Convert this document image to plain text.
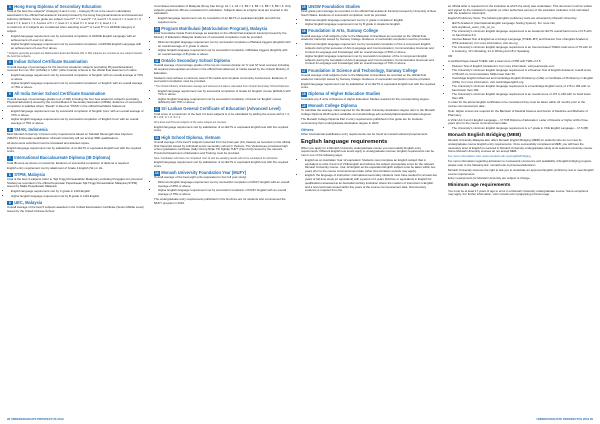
3 Hong Kong Diploma of Secondary Education

Total of the best five subjects* (Category A and C only – Category B not to be used in calculation) associated in the official final academic transcript issued by the Hong Kong Examinations and Assessment Authority (HKEAA). Score guide per subject: level 5** = 7, level 5* = 6, level 5 = 5, level 4 = 4, level 3 = 3, level 2 = 2, level 1 = 1. A score of 5 = 7, level 4 = 4, level 3 = 3, level 2 = 2, level 1 = 1.

A maximum of 2 subjects are considered when selecting Level** or Level 5* in a HKDSE Category A subject.

• English language requirement met by successful completion of HKDSE English Language with an achievement of Level 4 or above.
• Higher English language requirement met by successful completion of HKDSE English Language with an achievement of Level 5 or above.

* Subjects generally accepted are Mathematics Extended Module (M1 or M2) subjects are counted as one subject towards the best five subjects.

4 Indian School Certificate Examination

Overall average of percentages for the best four academic subjects (excluding Physical Education) received from an 'ISC' (CISCE) or 'HSC' (other boards) scheme in the official final statement of marks.

• English language requirement met by successful completion of 'English' with an overall average of 70% or above.
• Higher English language requirement met by successful completion of 'English' with an overall average of 75% or above.
5 All India Senior School Certificate Examination

Overall average of percentage grades (out of 100) including the four best academic subjects (excluding Physical Education) issued by the Central Board of Secondary Education (CBSE). Evidence of successful completion is satisfied where "Result" is listed as "PASS" in the official final Marks Statement.

• English language requirement met by successful completion of 'English Core' with an overall average of 70% or above.
• Higher English language requirement met by successful completion of 'English Core' with an overall average of 75% or above.
6 SMAK, Indonesia

Most Monash University minimum entry requirements based on Sekolah Menengah Atas Kejuruan (SMA/K) Indonesian qualification. Monash University will not accept SMK qualifications.

All documents submitted must be translated and attested copies.

English language requirement met by satisfaction of an IELTS or equivalent English test with the required score.

7 International Baccalaureate Diploma (IB Diploma)

Total IB score as shown on transcript. Evidence of successful completion of diploma is required.

English entry requirement met by attainment of Grade 4 English (SL) or HL.

8 STPM, Malaysia

Total of the best 3 subjects (refer to 'Sijil Tinggi Persekolahan Malaysia') excluding Pengajian Am (General Studies) as recorded in the official Keputusan Peperiksaan Sijil Tinggi Persekolahan Malaysia (STPM) issued by Majlis Peperiksaan Malaysia.

• English language requirement met by C grade in 1119 English
• Higher English language requirement met by B grade in 1119 English
9 UEC, Malaysia

Overall average of the best 5 subjects awarded in the Unified Examination Certificate (Senior Middle Level) issued by the United Chinese School

Committees Association of Malaysia (Dong Jiao Zong). A1 = 1, A2 = 2, B3 = 3, B4 = 4, B5 = 5, B6 = 6. Only subjects graded A1–B6 are considered for calculation. Subjects taken at a higher level are counted in the calculation.

• English language requirement met by completion of an IELTS or equivalent English test with the required score.
10 Program Matrikulasi (Matriculation Program), Malaysia

Final Cumulative Grade Point Average as awarded on the official final academic transcript issued by the Ministry of Education Malaysia. Evidence of successful completion must be provided.

• Minimum English language requirement met by successful completion of Bahasa Inggeris (English) with an overall average of C grade or above.
• Higher English language requirement met by successful completion of Bahasa Inggeris (English) with an overall average of B grade or above.
11 Ontario Secondary School Diploma

Overall average of percentage grades of the top six courses (Grade 12 'U' and 'M' level courses) including all required prerequisites as shown in the official final statement of marks issued by the Ontario Ministry of Education.

Students must achieve a minimum total of 30 credits and complete community involvement. Evidence of successful completion must be provided.

* The Ontario Ministry of Education average and achievement data is calculated from Ontario Secondary School Diplomas.

• English language requirement met by successful completion of Grade 12 'English' course (ENG4U) with 70% or above.
• Higher English language requirement met by successful completion of Grade 12 'English' course (ENG4U) with 75% or above.
12 Sri Lankan General Certificate of Education (Advanced Level)

Total score of a maximum of the best 3 A level subjects is to be calculated by adding the scores with A = 3, B = 2.5, C = 2, S = 1.

All A-level and AS-level subjects of the same subject are counted.

English language requirement met by satisfaction of an IELTS or equivalent English test with the required score.

13 High School Diploma, Vietnam

Overall average of the best 5 subjects (selected from the final year (12) classes) as recorded on the official final transcript issued by individual senior secondary school in Vietnam. The Vietnamese provisional high school graduation certificate (Giấy Chứng Nhận Tốt Nghiệp THPT (Tạm thời)) issued by the relevant Provincial Department of Education and Training must be provided.

Note: Candidates who have not completed Year 12 and are awaiting results will not be considered for admission.

English language requirement met by satisfaction of an IELTS or equivalent English test with the required score.

14 Monash University Foundation Year (MUFY)

Overall average of the best eight units (equivalent to four full year study).

• Minimum English language requirement met by successful completion of MUFY English with an overall average of 65% or above.
• Higher English language requirement met by successful completion of MUFY English with an overall average of 75% or above.

The undergraduate entry requirements published in this brochure are for students who commenced the MUFY program in 2016.

15 UNSW Foundation Studies

Final grade point average as recorded on the official final academic transcript issued by University of New South Wales. Evidence of successful completion must be provided.

• Minimum English language requirement met by C grade in Academic English.
• Higher English language requirement met by B grade in Academic English.
16 Foundation in Arts, Sunway College

Overall average of all subjects (refer to the Malaysian Universities) as recorded on the official final academic transcript issued by Sunway College. Evidence of successful completion must be provided.

• Minimum English language requirement met by successful completion of the 4 component English subjects during first semester of Arts (Language and Communication), Communicative Grammar and Context & Language and Knowledge) with an overall average of 65% or above.
• Higher English language requirement met by successful completion of the 4 component English subjects during the foundation of Arts (Language and Communication, Communicative Grammar and Context & Language and Knowledge) with an overall average of 75% or above.
17 Foundation in Science and Technology, Sunway College

Overall average of all subjects (refer to the Malaysian Universities) as recorded on the official final academic transcript issued by Sunway College. Evidence of successful completion must be provided.

English language requirement met by satisfaction of an IELTS or equivalent English test with the required score.

18 Diploma of Higher Education Studies

Complete any 8 units of Diploma of Higher Education Studies required for the corresponding degree.

19 Monash College Diploma

To calculate the average mark required for the Monash University destination degree refer to the Monash College Diploma 2018 section available at monashcollege.edu.au/study/diplomas/destination-degrees.

The Monash College Diploma Part 2 entry requirements published in this guide are for students commencing their undergraduate destination degree in 2020.

Others

Other international qualification entry requirements can be found at monash.edu/entryrequirements

English language requirements

When you apply for a Monash University undergraduate course you must satisfy English entry requirements. Different English test levels apply to undergraduate courses. English requirements can be met in one of the following ways:

• English as an Australian Year 12 equivalent: Students must complete an English subject that is equivalent to units 3 and 4 of VCE English and achieve the subject prerequisite score for the relevant Monash University course. Year 12 English as the equivalent English subject must be taken within two years prior to the course commencement date (other time limitation periods may apply).
• English: the language of instruction: international secondary students must have studied for at least two years of full-time study (or equivalent) with a period of 2 years (full-time or equivalent) in English for qualifications assessed at an Australian tertiary institution where the medium of instruction is English, and a test result was issued within five years of the course commencement date. Documentary evidence is required from the

an official letter is required from the institution at which the study was undertaken. This document must be written and signed by the institution's registrar (or other authorised person) of the education institution to be submitted with the academic transcripts.

English Proficiency Tests: The following English proficiency tests are accepted by Monash University:

• IELTS Academic (International English Language Testing System). For more info ielts.org/about_us/en_info_on_us
• The University's minimum English language requirement is an Academic IELTS overall band score of 6.5 with no band below 6.0.
• Internet-Based Test of English as a Foreign Language (TOEFL iBT) and Pearson Test of English Academic (PTE Academic). For more information, visit ets.org
• The University's minimum English language requirement is an Internet-based TOEFL total score of 79 with 12 in Listening, 13 in Reading, 21 in Writing and 18 in Speaking.

OR

A certified Paper-based TOEFL with a total score of 550 with TWE of 4.5.

• Pearson Test of English (Academic). For more information, visit pearsonpte.com
• The University's minimum English language requirement is a Pearson Test of English Academic overall score of 58 with no Communicative Skills lower than 50.
• Cambridge English Advanced and Cambridge English Proficiency (CAE) or Certificate of Proficiency in English (CPE). For more information, visit cambridgeenglish.org.
• The University's minimum English language requirement is a Cambridge English score of 176 to 184 with no band lower than 169.
• The University's minimum English language requirement is an overall score of 176 to 184 with no band lower than 169.

In order for the above English certificates to be considered they must be taken within 24 months prior to the course commencement date.

Note: Higher scores are required for the Bachelor of Medical Science and Doctor of Medicine and Bachelor of Pharmacy.

A VCE Unit 3 and 4 English Language – 17.5 IB Diploma of Education: Letter of Results or higher within three years prior to the course commencement date.

• The University's minimum English language requirement is a 7 grade in VCE English Language – 17.5 (IB)
Monash English Bridging (MEB)

Monash University Malaysia also offers Monash English Bridging (MEB) for students who do not meet its undergraduate course English entry requirements. Once successfully completed at MEB, you will have the necessary level of English to succeed in Monash University undergraduate study at its selected university course. Some Monash University courses do not accept MEB.

For more information visit: www.monash.edu.my/english/bridging

For more information regarding admission to coursework commence and availability of English bridging program please refer to the following link: monash.edu.my/courses/admission

Monash University reserves the right to ask you to undertake an approved English proficiency test to meet English course requirements.

Entry requirements for Monash University are subject to change.

Minimum age requirements

You must be at least 17 years of age to enrol in a Monash University undergraduate course. Some exceptions may apply. For further information, visit monash.edu.my/applying-minimum-age.

28 UNDERGRADUATE PROSPECTUS 2019	UNDERGRADUATE PROSPECTUS 2019 29
